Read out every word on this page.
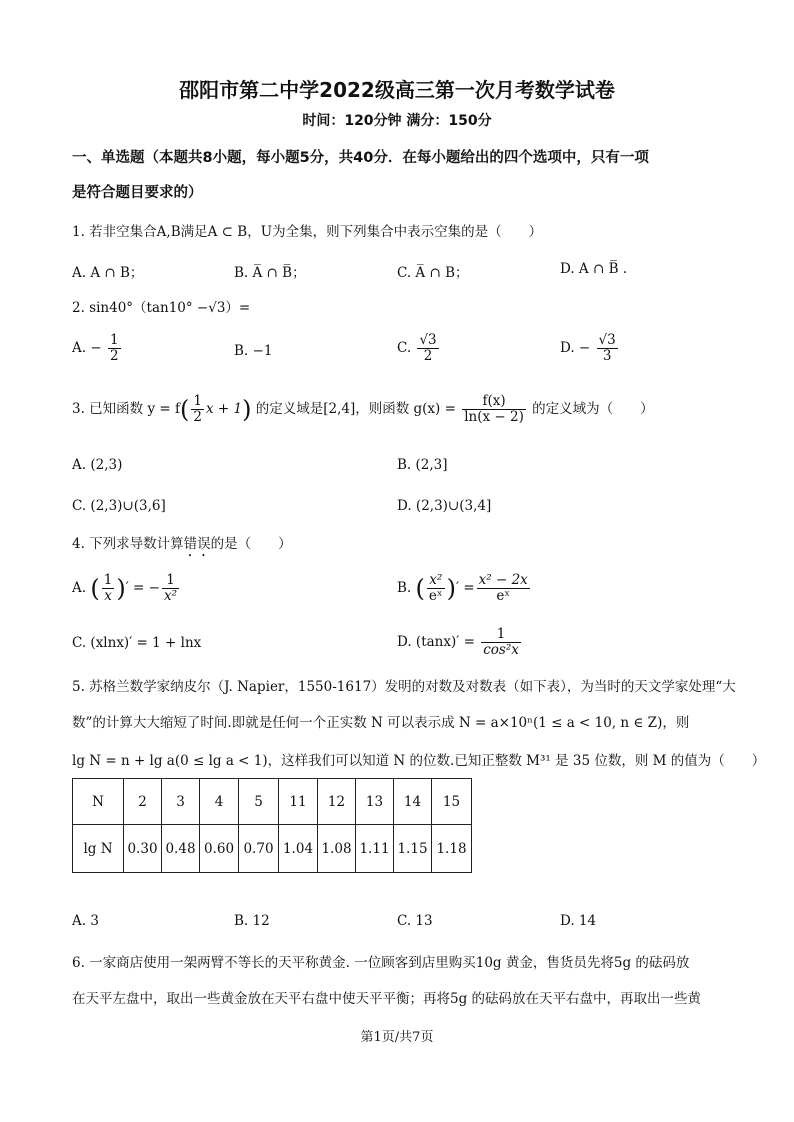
邵阳市第二中学2022级高三第一次月考数学试卷
时间：120分钟 满分：150分
一、单选题（本题共8小题，每小题5分，共40分．在每小题给出的四个选项中，只有一项
是符合题目要求的）
1. 若非空集合A,B满足A ⊂ B，U为全集，则下列集合中表示空集的是（　　）
A. A ∩ B；	B. A̅ ∩ B̅；	C. A̅ ∩ B；	D. A ∩ B̅ .
2. sin40°（tan10° −√3）=
A. − $\frac{1}{2}$	B. −1	C. $\frac{√3}{2}$	D. − $\frac{√3}{3}$
3. 已知函数 $y = f( \frac{1}{2}$ x + 1) 的定义域是[2,4]，则函数 $g(x) = \frac{f(x)}{\ln(x - 2)}$ 的定义域为（　　）
A. (2,3)	B. (2,3]
C. (2,3)∪(3,6]	D. (2,3)∪(3,4]
4. 下列求导数计算错误的是（　　）
A. ( $\frac{1}{x}$ )′ = − $\frac{1}{\text{x²}}$	B. ( $\frac{\text{x²}}{\text{eˣ}}$ )′ = $\frac{\text{x² − 2x}}{\text{eˣ}}$
C. (xlnx)′ = 1 + lnx	D. $(\tan x)' = \frac{1}{\text{cos²x}}$
5. 苏格兰数学家纳皮尔（J. Napier，1550-1617）发明的对数及对数表（如下表），为当时的天文学家处理“大
数”的计算大大缩短了时间.即就是任何一个正实数 N 可以表示成 N = a×10ⁿ(1 ≤ a < 10, n ∈ Z)，则
lg N = n + lg a(0 ≤ lg a < 1)，这样我们可以知道 N 的位数.已知正整数 M³¹ 是 35 位数，则 M 的值为（　　）
N	2	3	4	5	11	12	13	14	15
lg N	0.30	0.48	0.60	0.70	1.04	1.08	1.11	1.15	1.18
A. 3	B. 12	C. 13	D. 14
6. 一家商店使用一架两臂不等长的天平称黄金. 一位顾客到店里购买10g 黄金，售货员先将5g 的砝码放
在天平左盘中，取出一些黄金放在天平右盘中使天平平衡；再将5g 的砝码放在天平右盘中，再取出一些黄
第1页/共7页
